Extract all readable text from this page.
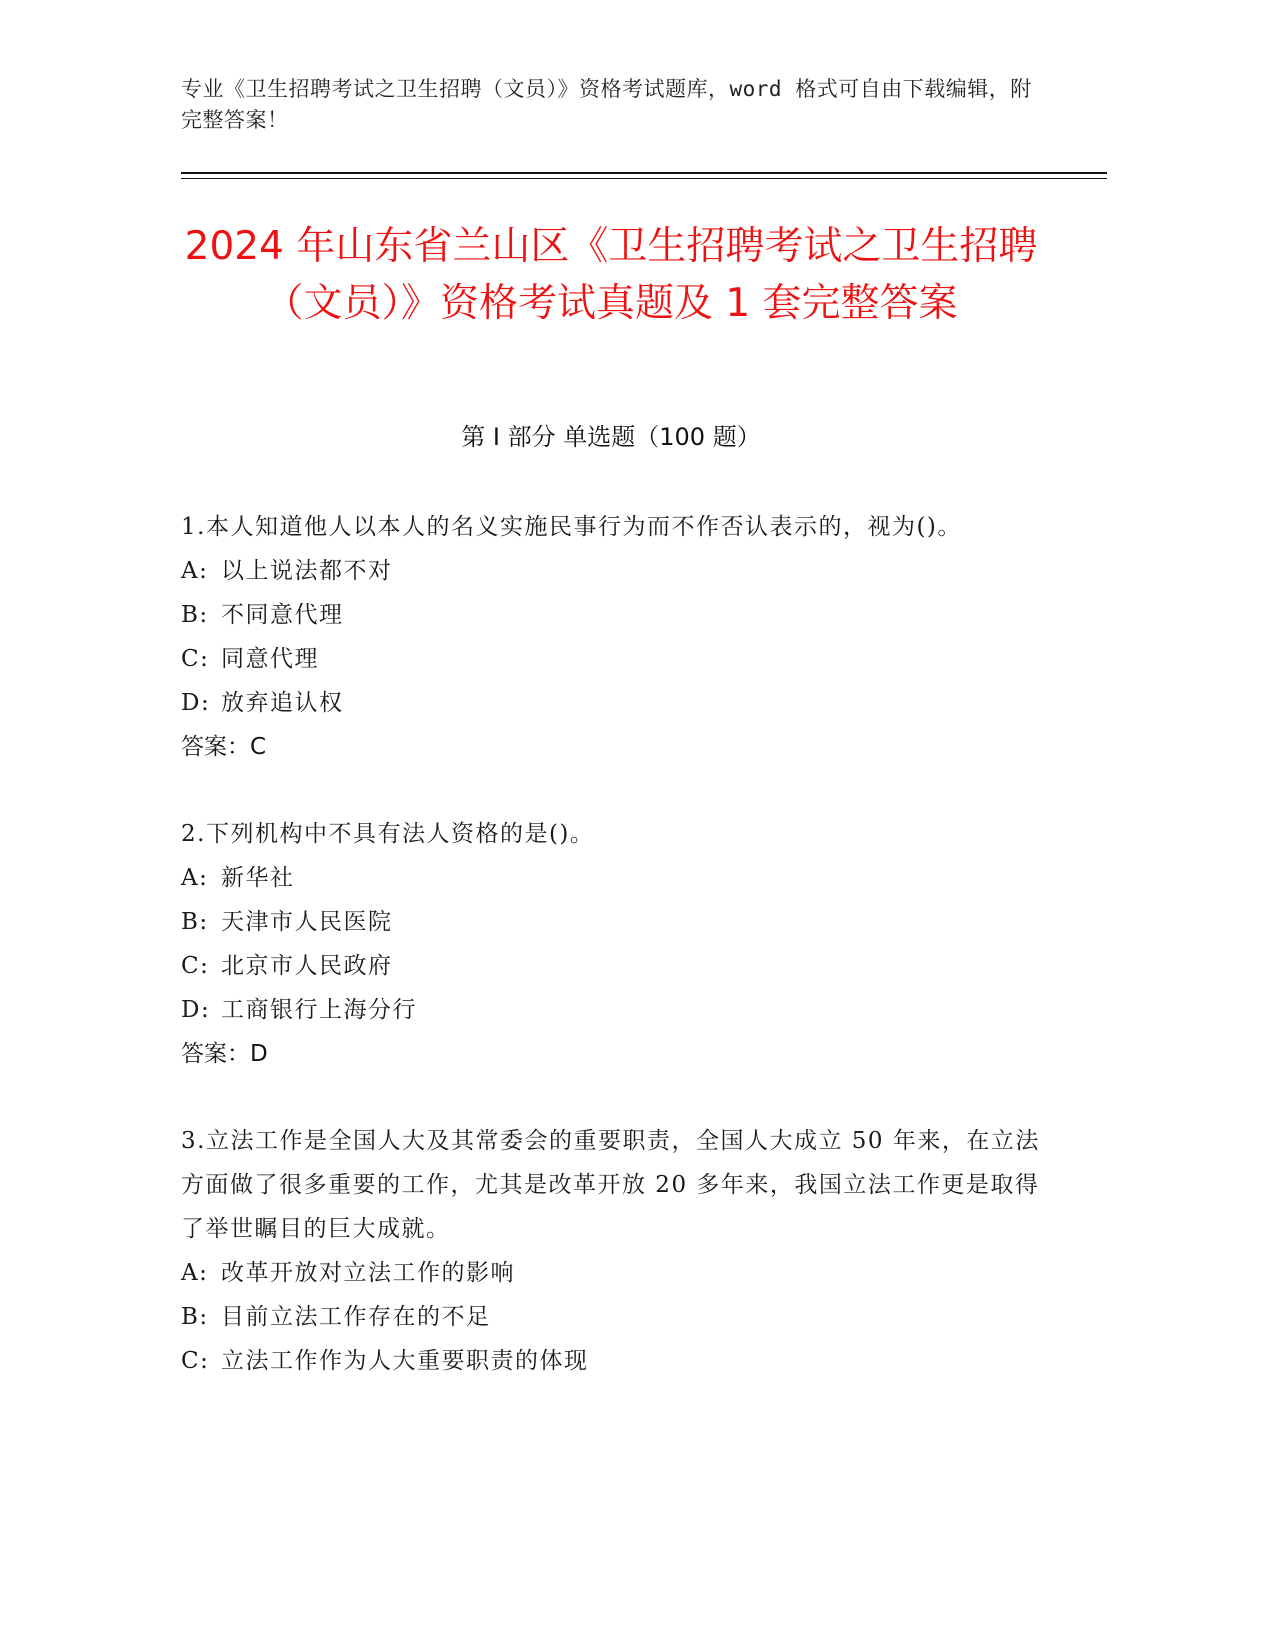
专业《卫生招聘考试之卫生招聘（文员）》资格考试题库，word 格式可自由下载编辑，附完整答案！
2024 年山东省兰山区《卫生招聘考试之卫生招聘（文员）》资格考试真题及 1 套完整答案
第 I 部分 单选题（100 题）

1.本人知道他人以本人的名义实施民事行为而不作否认表示的，视为()。

A: 以上说法都不对

B: 不同意代理

C: 同意代理

D: 放弃追认权

答案：C

2.下列机构中不具有法人资格的是()。

A: 新华社

B: 天津市人民医院

C: 北京市人民政府

D: 工商银行上海分行

答案：D

3.立法工作是全国人大及其常委会的重要职责，全国人大成立 50 年来，在立法方面做了很多重要的工作，尤其是改革开放 20 多年来，我国立法工作更是取得了举世瞩目的巨大成就。

A: 改革开放对立法工作的影响

B: 目前立法工作存在的不足

C: 立法工作作为人大重要职责的体现
